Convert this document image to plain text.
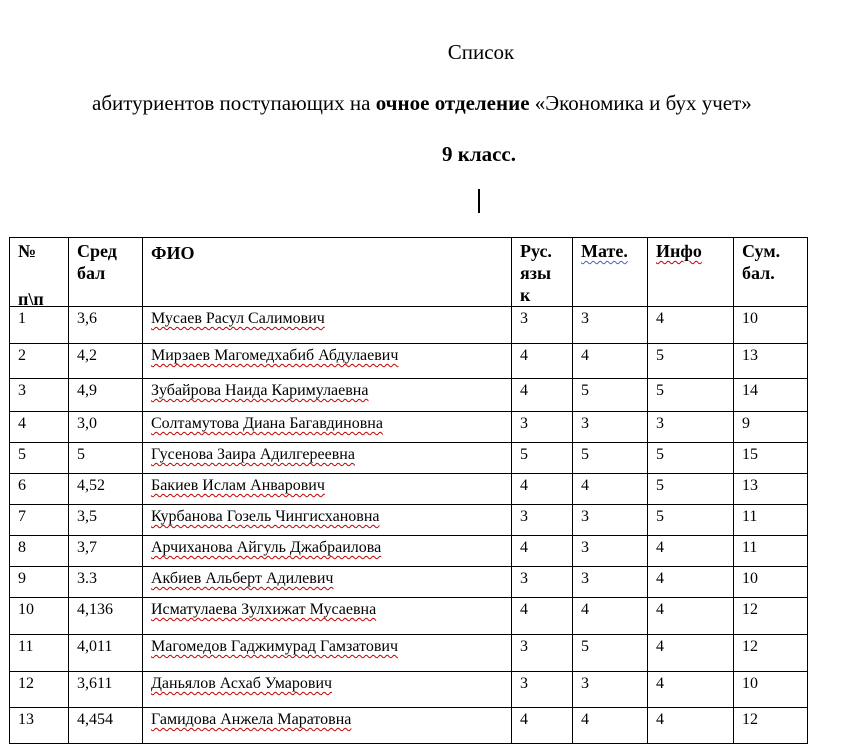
Список
абитуриентов поступающих на очное отделение «Экономика и бух учет»
9 класс.
№
п\п	Сред бал	ФИО	Рус. язы к	Мате.	Инфо	Сум. бал.
1	3,6	Мусаев Расул Салимович	3	3	4	10
2	4,2	Мирзаев Магомедхабиб Абдулаевич	4	4	5	13
3	4,9	Зубайрова Наида Каримулаевна	4	5	5	14
4	3,0	Солтамутова Диана Багавдиновна	3	3	3	9
5	5	Гусенова Заира Адилгереевна	5	5	5	15
6	4,52	Бакиев Ислам Анварович	4	4	5	13
7	3,5	Курбанова Гозель Чингисхановна	3	3	5	11
8	3,7	Арчиханова Айгуль Джабраилова	4	3	4	11
9	3.3	Акбиев Альберт Адилевич	3	3	4	10
10	4,136	Исматулаева Зулхижат Мусаевна	4	4	4	12
11	4,011	Магомедов Гаджимурад Гамзатович	3	5	4	12
12	3,611	Даньялов Асхаб Умарович	3	3	4	10
13	4,454	Гамидова Анжела Маратовна	4	4	4	12
